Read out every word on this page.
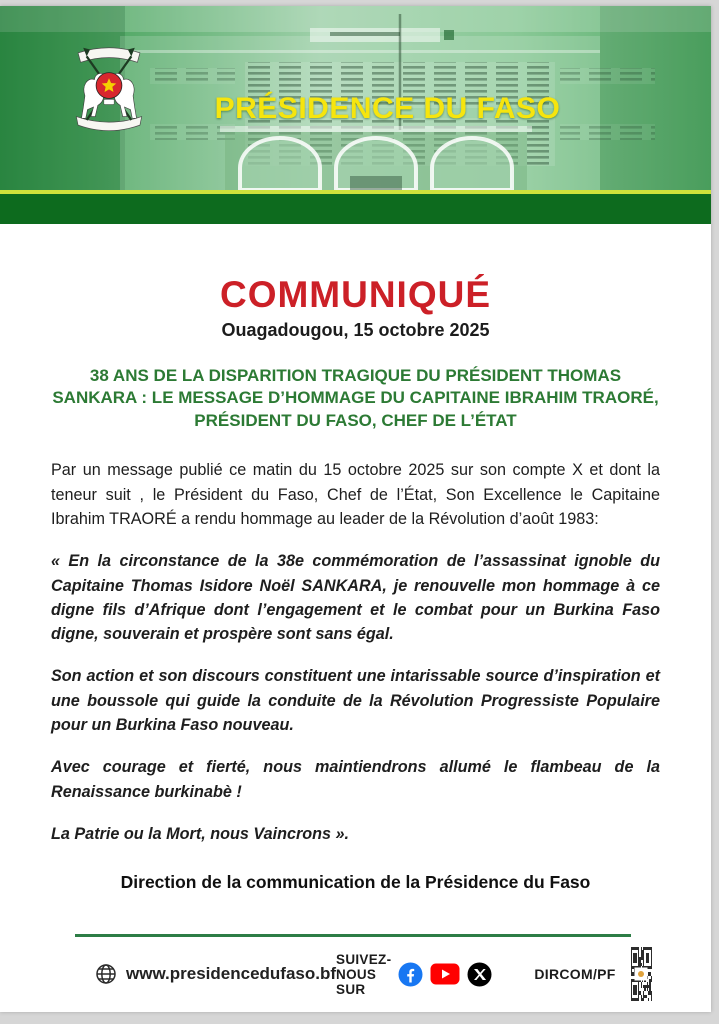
PRÉSIDENCE DU FASO
COMMUNIQUÉ

Ouagadougou, 15 octobre 2025

38 ANS DE LA DISPARITION TRAGIQUE DU PRÉSIDENT THOMAS SANKARA : LE MESSAGE D’HOMMAGE DU CAPITAINE IBRAHIM TRAORÉ, PRÉSIDENT DU FASO, CHEF DE L’ÉTAT

Par un message publié ce matin du 15 octobre 2025 sur son compte X et dont la teneur suit , le Président du Faso, Chef de l’État, Son Excellence le Capitaine Ibrahim TRAORÉ a rendu hommage au leader de la Révolution d’août 1983:

« En la circonstance de la 38e commémoration de l’assassinat ignoble du Capitaine Thomas Isidore Noël SANKARA, je renouvelle mon hommage à ce digne fils d’Afrique dont l’engagement et le combat pour un Burkina Faso digne, souverain et prospère sont sans égal.

Son action et son discours constituent une intarissable source d’inspiration et une boussole qui guide la conduite de la Révolution Progressiste Populaire pour un Burkina Faso nouveau.

Avec courage et fierté, nous maintiendrons allumé le flambeau de la Renaissance burkinabè !

La Patrie ou la Mort, nous Vaincrons ».

Direction de la communication de la Présidence du Faso

www.presidencedufaso.bf
SUIVEZ-NOUS SUR
DIRCOM/PF
